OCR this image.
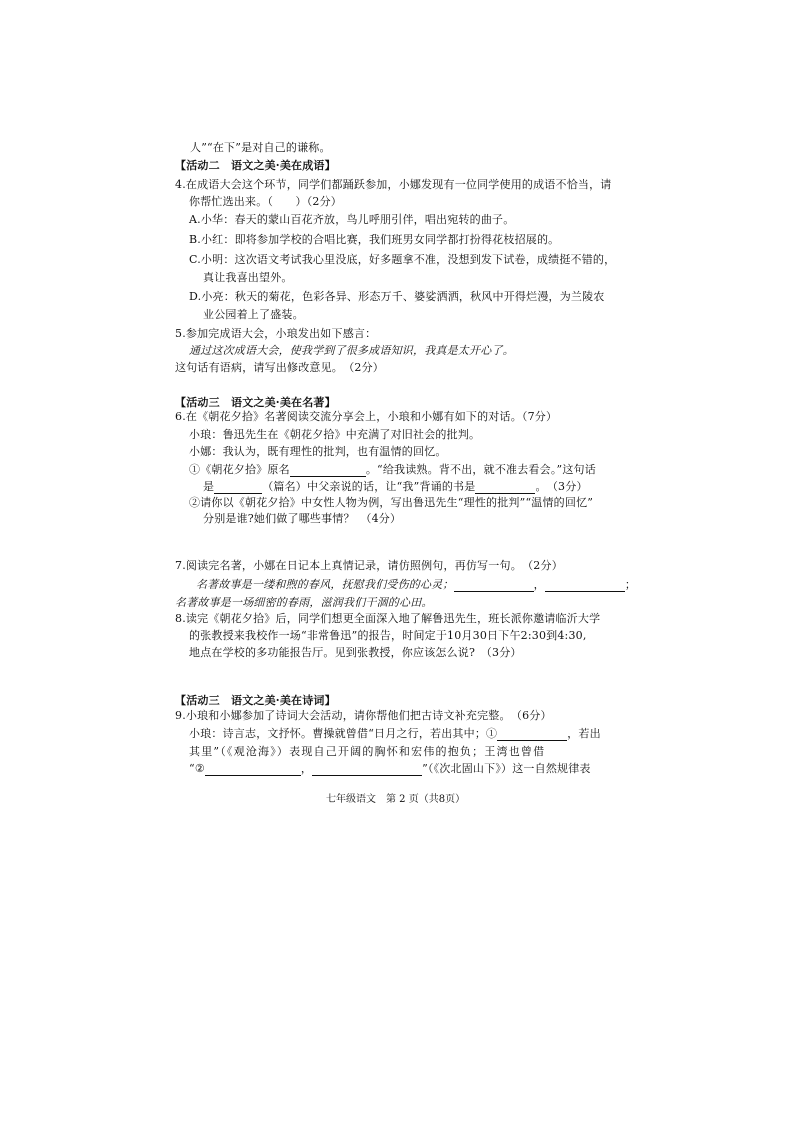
人”“在下”是对自己的谦称。
【活动二　语文之美·美在成语】
4.在成语大会这个环节，同学们都踊跃参加，小娜发现有一位同学使用的成语不恰当，请
你帮忙选出来。（　　）（2分）
A.小华：春天的蒙山百花齐放，鸟儿呼朋引伴，唱出宛转的曲子。
B.小红：即将参加学校的合唱比赛，我们班男女同学都打扮得花枝招展的。
C.小明：这次语文考试我心里没底，好多题拿不准，没想到发下试卷，成绩挺不错的，
真让我喜出望外。
D.小亮：秋天的菊花，色彩各异、形态万千、婆娑洒洒，秋风中开得烂漫，为兰陵农
业公园着上了盛装。
5.参加完成语大会，小琅发出如下感言：
通过这次成语大会，使我学到了很多成语知识，我真是太开心了。
这句话有语病，请写出修改意见。　（2分）
【活动三　语文之美·美在名著】
6.在《朝花夕拾》名著阅读交流分享会上，小琅和小娜有如下的对话。（7分）
小琅：鲁迅先生在《朝花夕拾》中充满了对旧社会的批判。
小娜：我认为，既有理性的批判，也有温情的回忆。
①《朝花夕拾》原名	。“给我读熟。背不出，就不准去看会。”这句话
是	（篇名）中父亲说的话，让“我”背诵的书是	。　（3分）
②请你以《朝花夕拾》中女性人物为例，写出鲁迅先生“理性的批判”“温情的回忆”
分别是谁?她们做了哪些事情？　（4分）
7.阅读完名著，小娜在日记本上真情记录，请仿照例句，再仿写一句。　（2分）
名著故事是一缕和煦的春风，抚慰我们受伤的心灵；	，	；
名著故事是一场细密的春雨，滋润我们干涸的心田。
8.读完《朝花夕拾》后，同学们想更全面深入地了解鲁迅先生，班长派你邀请临沂大学
的张教授来我校作一场“非常鲁迅”的报告，时间定于10月30日下午2:30到4:30,
地点在学校的多功能报告厅。见到张教授，你应该怎么说?　（3分）
【活动三　语文之美·美在诗词】
9.小琅和小娜参加了诗词大会活动，请你帮他们把古诗文补充完整。　（6分）
小琅：诗言志，文抒怀。曹操就曾借“日月之行，若出其中；①	，若出
其里”（《观沧海》）表现自己开阔的胸怀和宏伟的抱负；王湾也曾借
“②	，	”（《次北固山下》）这一自然规律表
七年级语文　第 2 页（共8页）
